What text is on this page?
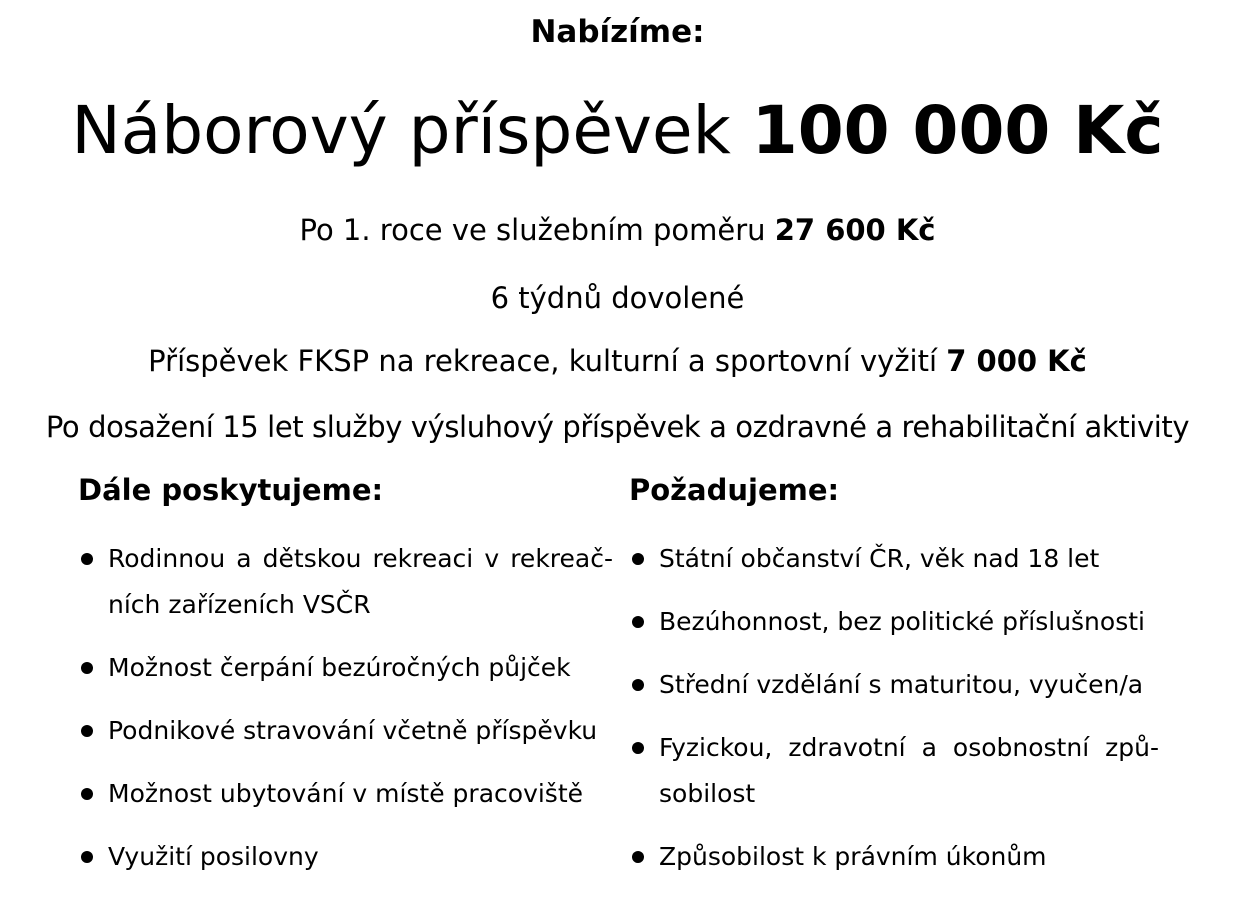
Nabízíme:
Náborový příspěvek 100 000 Kč
Po 1. roce ve služebním poměru 27 600 Kč
6 týdnů dovolené
Příspěvek FKSP na rekreace, kulturní a sportovní vyžití 7 000 Kč
Po dosažení 15 let služby výsluhový příspěvek a ozdravné a rehabilitační aktivity
Dále poskytujeme:	Požadujeme:
Rodinnou a dětskou rekreaci v rekreač-ních zařízeních VSČR
Možnost čerpání bezúročných půjček
Podnikové stravování včetně příspěvku
Možnost ubytování v místě pracoviště
Využití posilovny
Státní občanství ČR, věk nad 18 let
Bezúhonnost, bez politické příslušnosti
Střední vzdělání s maturitou, vyučen/a
Fyzickou, zdravotní a osobnostní způ-sobilost
Způsobilost k právním úkonům
